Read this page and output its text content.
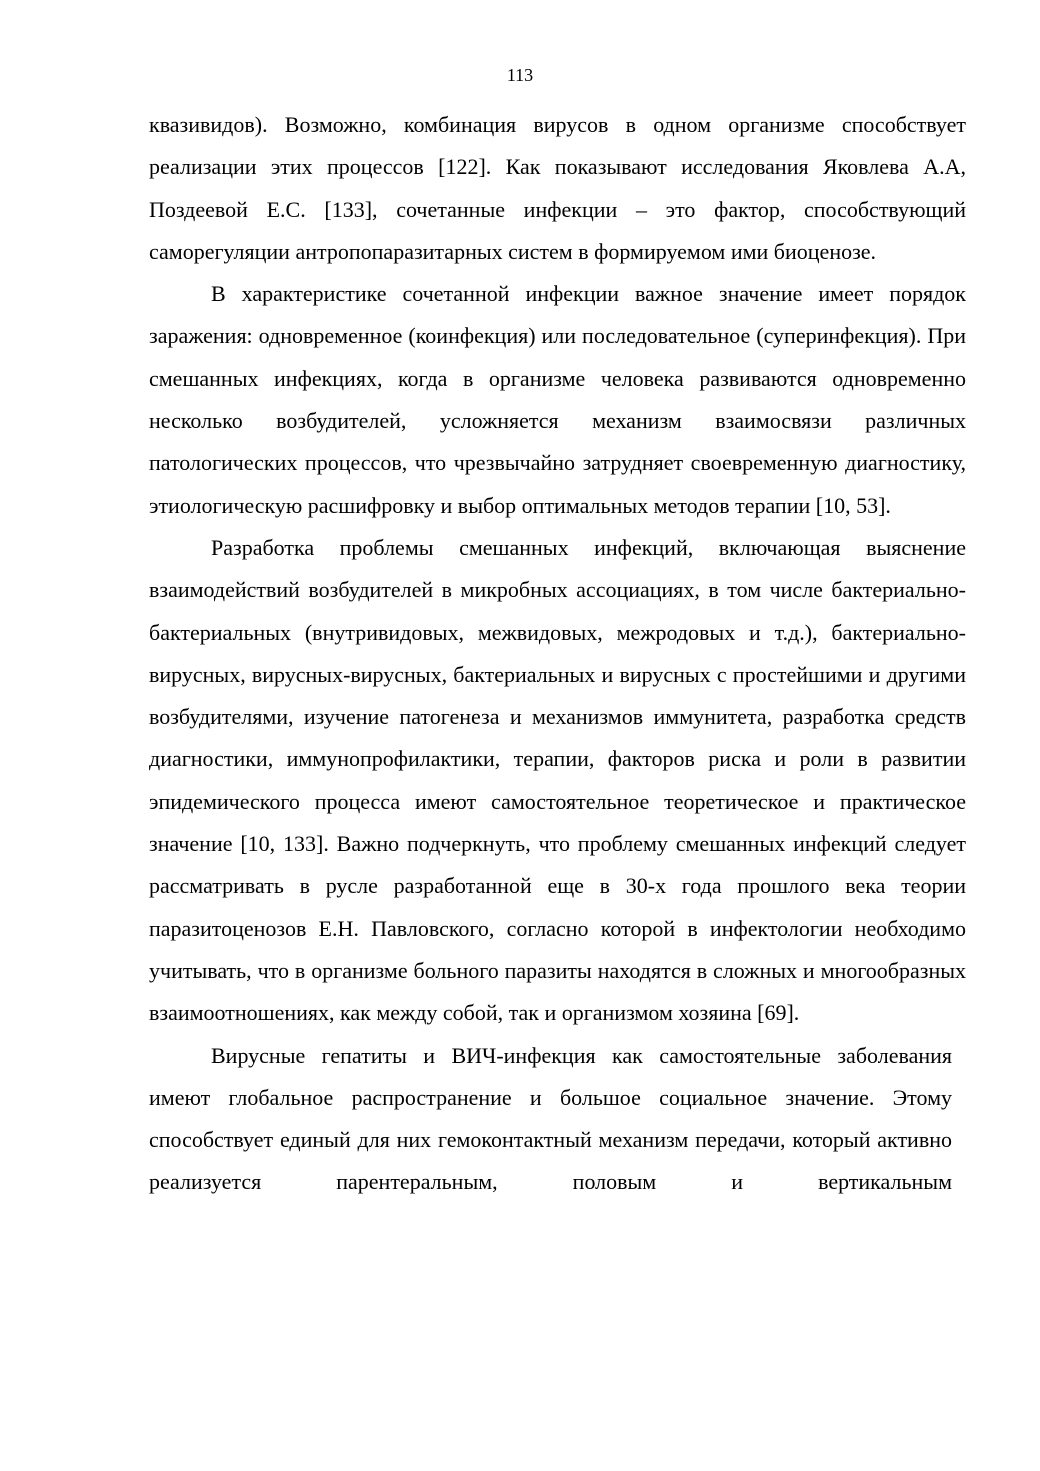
113

квазивидов). Возможно, комбинация вирусов в одном организме способствует реализации этих процессов [122]. Как показывают исследования Яковлева А.А, Поздеевой Е.С. [133], сочетанные инфекции – это фактор, способствующий саморегуляции антропопаразитарных систем в формируемом ими биоценозе.

В характеристике сочетанной инфекции важное значение имеет порядок заражения: одновременное (коинфекция) или последовательное (суперинфекция). При смешанных инфекциях, когда в организме человека развиваются одновременно несколько возбудителей, усложняется механизм взаимосвязи различных патологических процессов, что чрезвычайно затрудняет своевременную диагностику, этиологическую расшифровку и выбор оптимальных методов терапии [10, 53].

Разработка проблемы смешанных инфекций, включающая выяснение взаимодействий возбудителей в микробных ассоциациях, в том числе бактериально-бактериальных (внутривидовых, межвидовых, межродовых и т.д.), бактериально-вирусных, вирусных-вирусных, бактериальных и вирусных с простейшими и другими возбудителями, изучение патогенеза и механизмов иммунитета, разработка средств диагностики, иммунопрофилактики, терапии, факторов риска и роли в развитии эпидемического процесса имеют самостоятельное теоретическое и практическое значение [10, 133]. Важно подчеркнуть, что проблему смешанных инфекций следует рассматривать в русле разработанной еще в 30-х года прошлого века теории паразитоценозов Е.Н. Павловского, согласно которой в инфектологии необходимо учитывать, что в организме больного паразиты находятся в сложных и многообразных взаимоотношениях, как между собой, так и организмом хозяина [69].

Вирусные гепатиты и ВИЧ-инфекция как самостоятельные заболевания имеют глобальное распространение и большое социальное значение. Этому способствует единый для них гемоконтактный механизм передачи, который активно реализуется парентеральным, половым и вертикальным
